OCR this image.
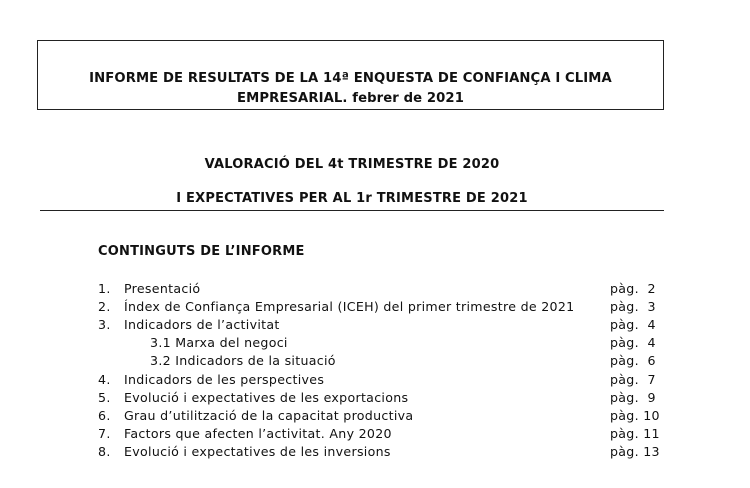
INFORME DE RESULTATS DE LA 14ª ENQUESTA DE CONFIANÇA I CLIMA
EMPRESARIAL. febrer de 2021
VALORACIÓ DEL 4t TRIMESTRE DE 2020
I EXPECTATIVES PER AL 1r TRIMESTRE DE 2021
CONTINGUTS DE L’INFORME
1. Presentació	pàg. 2
2. Índex de Confiança Empresarial (ICEH) del primer trimestre de 2021	pàg. 3
3. Indicadors de l’activitat	pàg. 4
3.1 Marxa del negoci	pàg. 4
3.2 Indicadors de la situació	pàg. 6
4. Indicadors de les perspectives	pàg. 7
5. Evolució i expectatives de les exportacions	pàg. 9
6. Grau d’utilització de la capacitat productiva	pàg. 10
7. Factors que afecten l’activitat. Any 2020	pàg. 11
8. Evolució i expectatives de les inversions	pàg. 13
